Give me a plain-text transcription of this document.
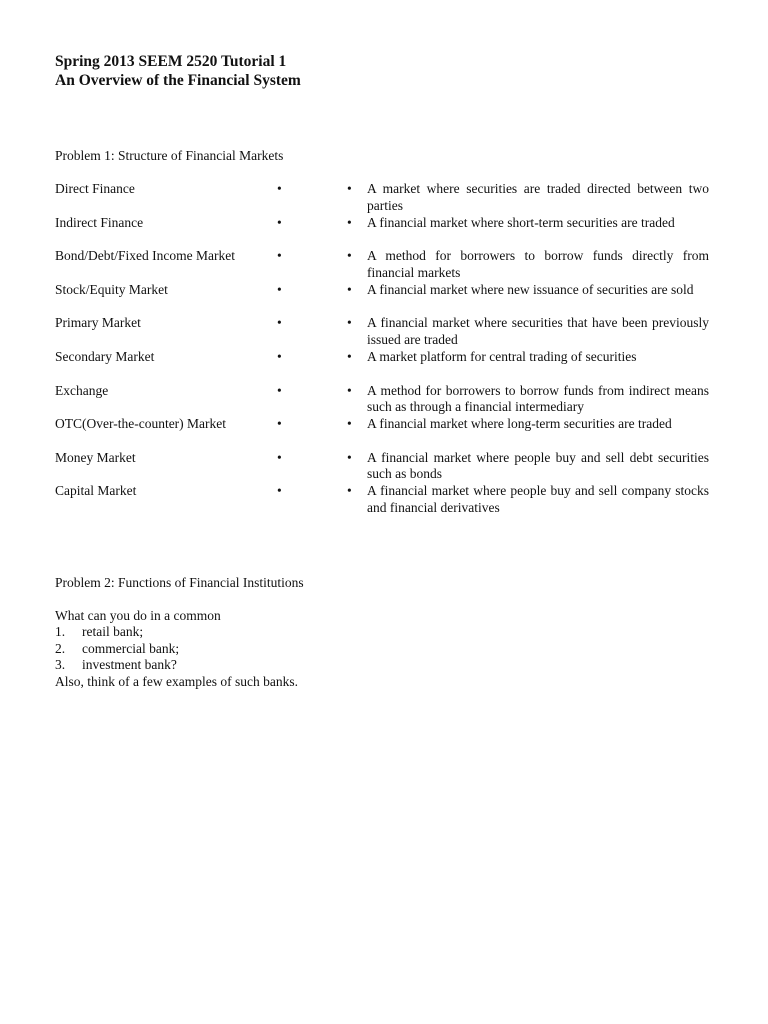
Spring 2013 SEEM 2520 Tutorial 1

An Overview of the Financial System

Problem 1: Structure of Financial Markets

Direct Finance	•	•	A market where securities are traded directed between two parties
Indirect Finance	•	•	A financial market where short-term securities are traded
Bond/Debt/Fixed Income Market	•	•	A method for borrowers to borrow funds directly from financial markets
Stock/Equity Market	•	•	A financial market where new issuance of securities are sold
Primary Market	•	•	A financial market where securities that have been previously issued are traded
Secondary Market	•	•	A market platform for central trading of securities
Exchange	•	•	A method for borrowers to borrow funds from indirect means such as through a financial intermediary
OTC(Over-the-counter) Market	•	•	A financial market where long-term securities are traded
Money Market	•	•	A financial market where people buy and sell debt securities such as bonds
Capital Market	•	•	A financial market where people buy and sell company stocks and financial derivatives

Problem 2: Functions of Financial Institutions

What can you do in a common
1.	retail bank;
2.	commercial bank;
3.	investment bank?
Also, think of a few examples of such banks.
